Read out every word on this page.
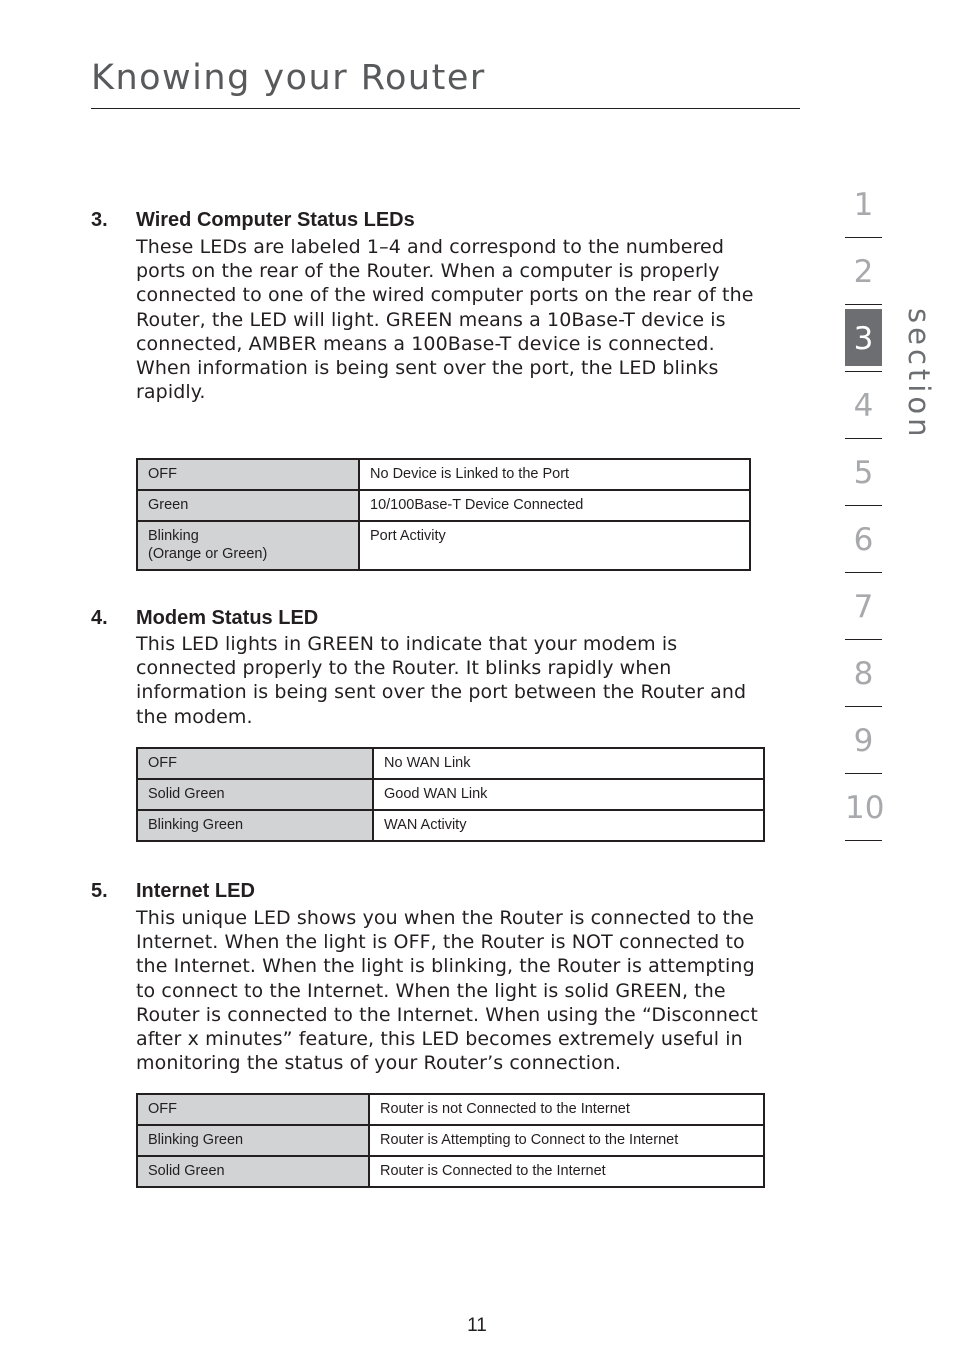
Knowing your Router
3. Wired Computer Status LEDs
These LEDs are labeled 1–4 and correspond to the numbered
ports on the rear of the Router. When a computer is properly
connected to one of the wired computer ports on the rear of the
Router, the LED will light. GREEN means a 10Base-T device is
connected, AMBER means a 100Base-T device is connected.
When information is being sent over the port, the LED blinks
rapidly.
OFF	No Device is Linked to the Port
Green	10/100Base-T Device Connected

Blinking
(Orange or Green)	Port Activity
4. Modem Status LED
This LED lights in GREEN to indicate that your modem is
connected properly to the Router. It blinks rapidly when
information is being sent over the port between the Router and
the modem.
OFF	No WAN Link
Solid Green	Good WAN Link
Blinking Green	WAN Activity
5. Internet LED
This unique LED shows you when the Router is connected to the
Internet. When the light is OFF, the Router is NOT connected to
the Internet. When the light is blinking, the Router is attempting
to connect to the Internet. When the light is solid GREEN, the
Router is connected to the Internet. When using the “Disconnect
after x minutes” feature, this LED becomes extremely useful in
monitoring the status of your Router’s connection.
OFF	Router is not Connected to the Internet
Blinking Green	Router is Attempting to Connect to the Internet
Solid Green	Router is Connected to the Internet
1
2
3
4
5
6
7
8
9
10
section
11
